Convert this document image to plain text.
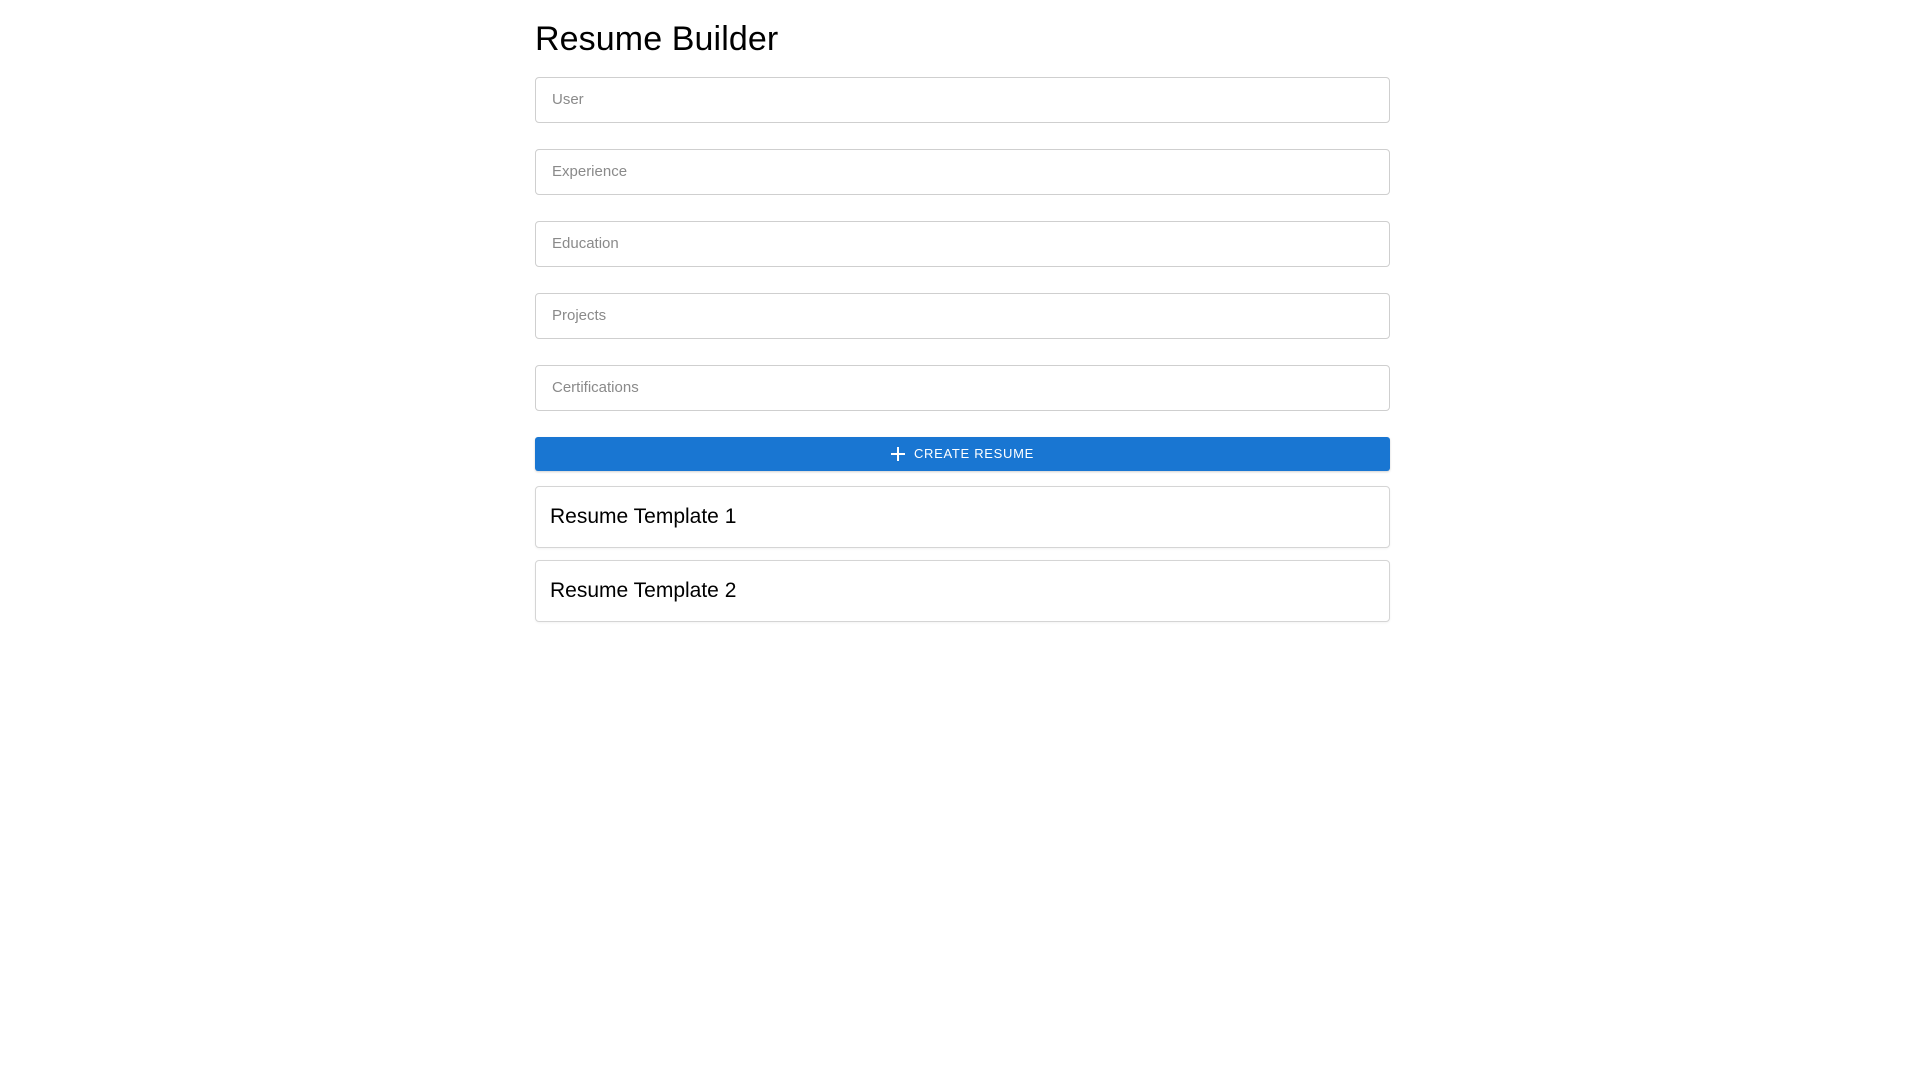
Resume Builder
User
Experience
Education
Projects
Certifications
CREATE RESUME
Resume Template 1
Resume Template 2
